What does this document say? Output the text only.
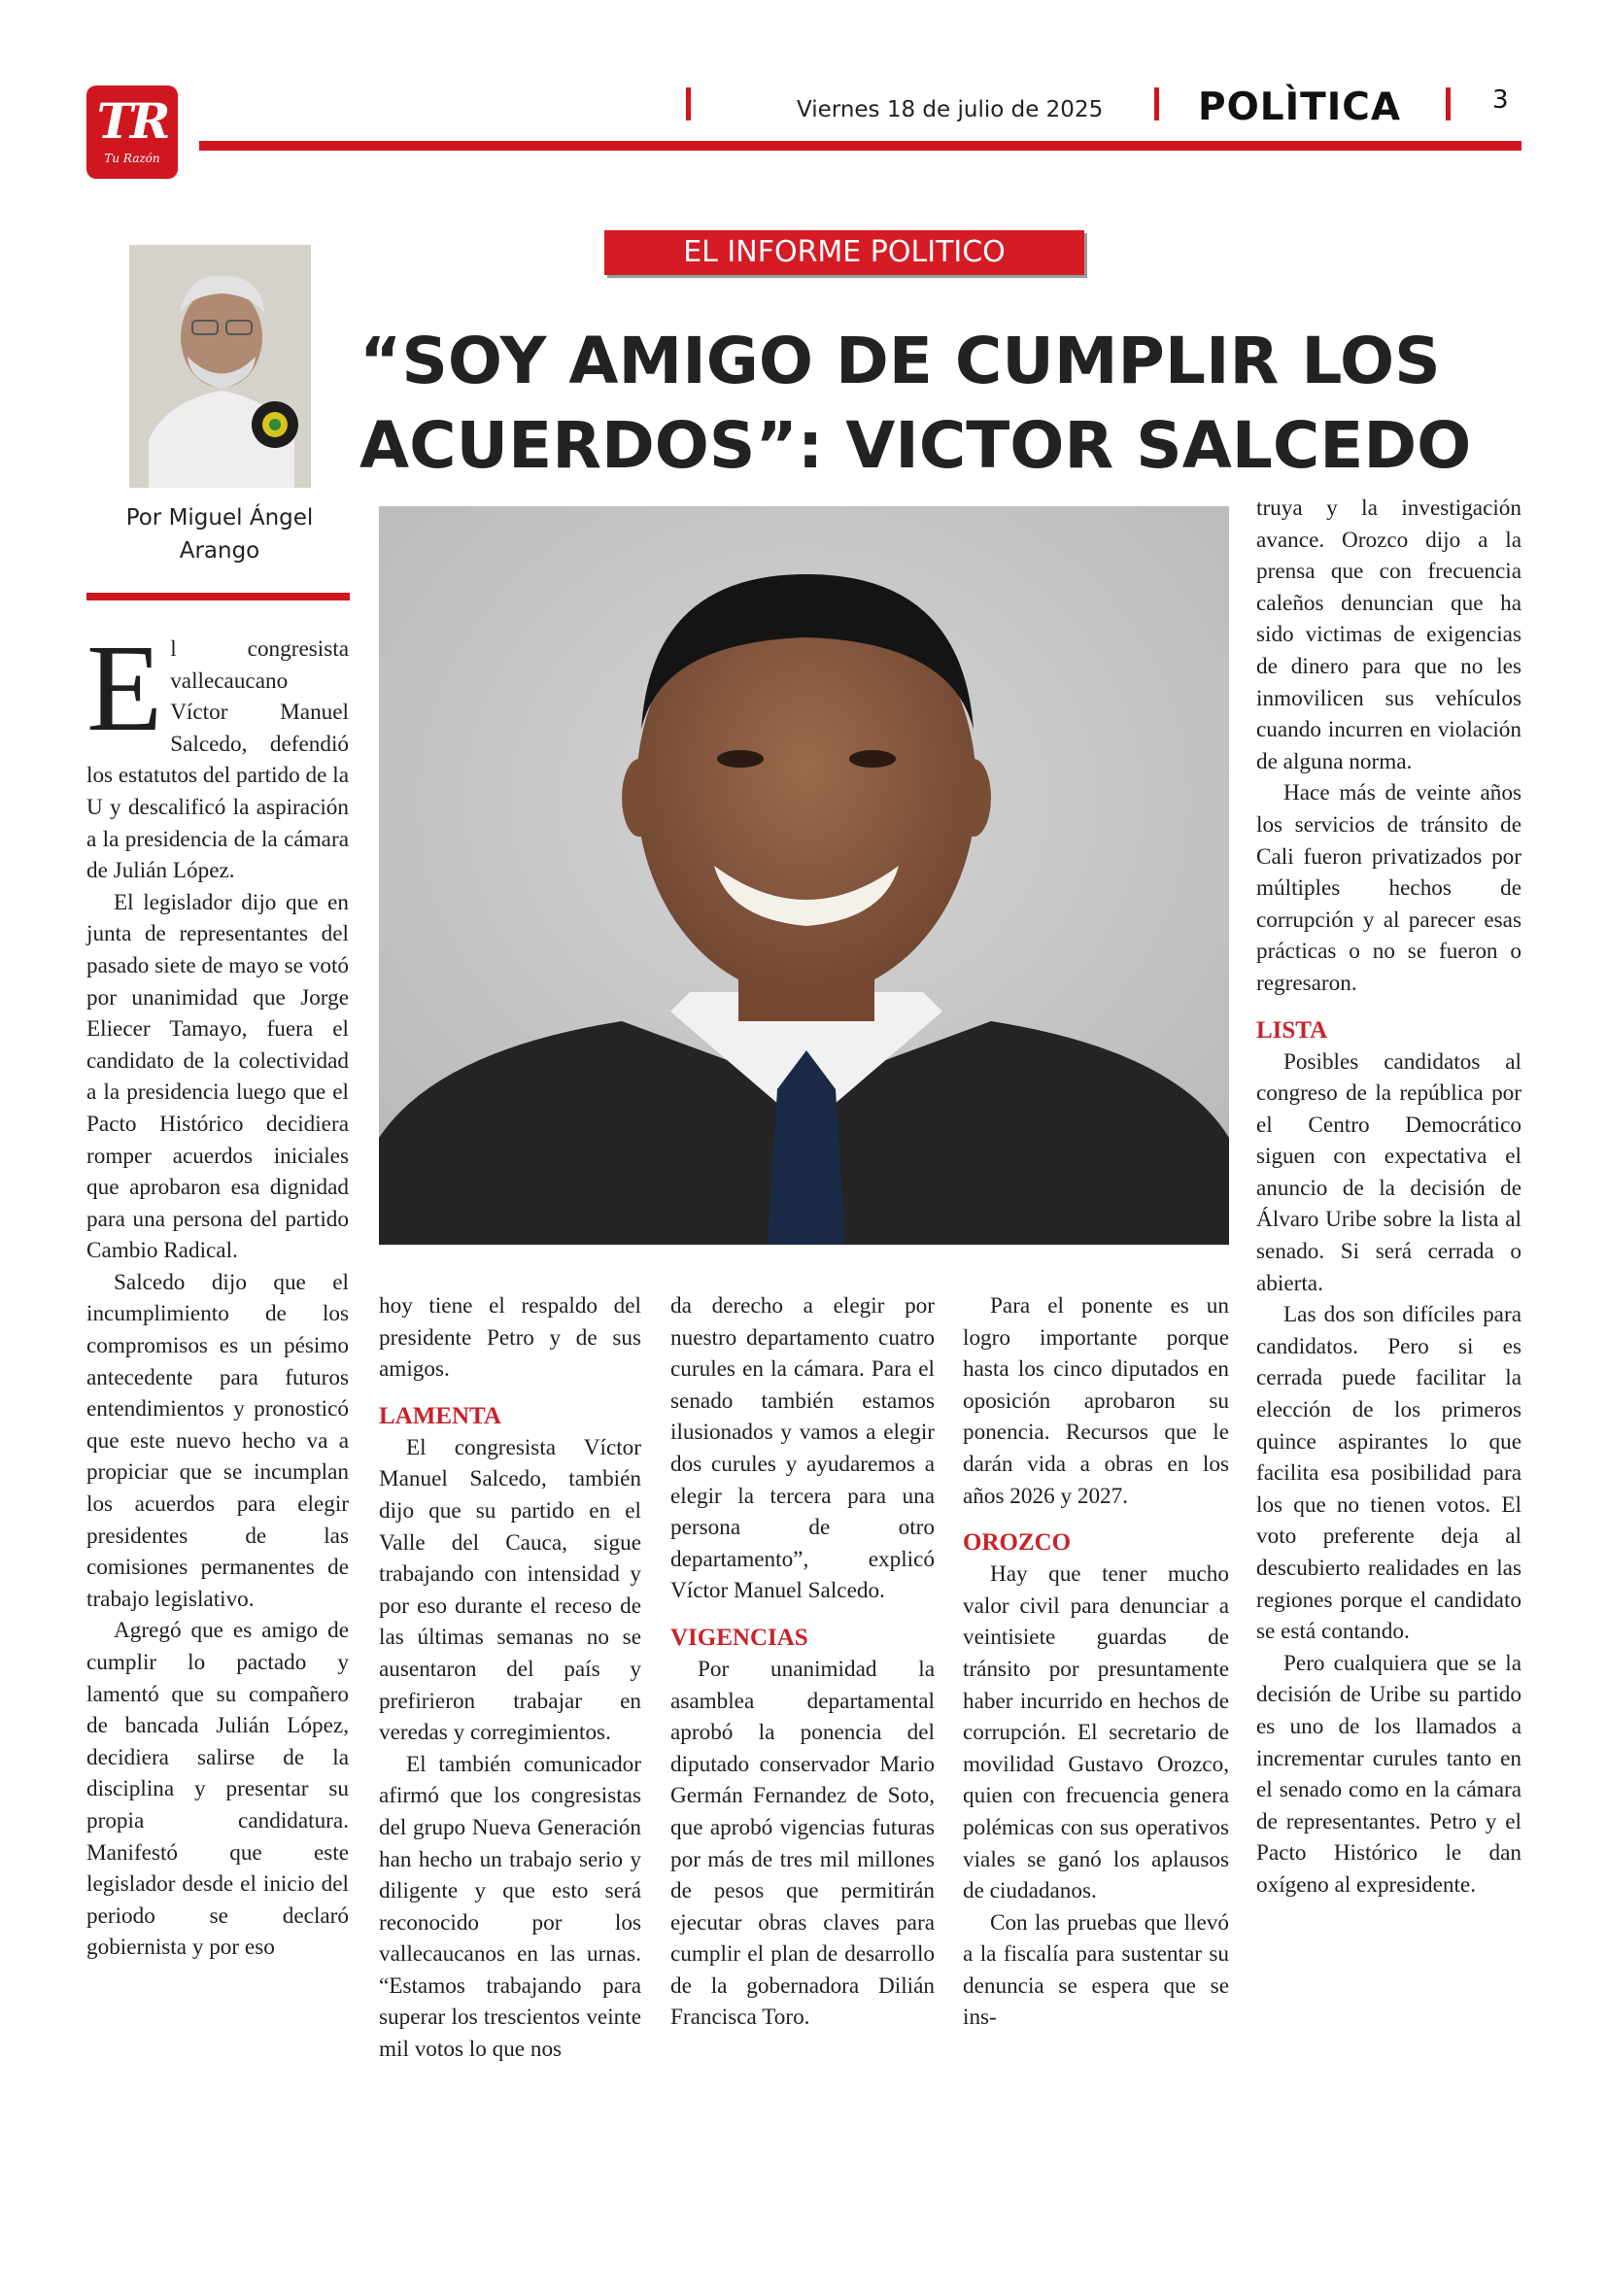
TR
Tu Razón
Viernes 18 de julio de 2025	POLÌTICA	3
EL INFORME POLITICO
“SOY AMIGO DE CUMPLIR LOS ACUERDOS”: VICTOR SALCEDO
Por Miguel Ángel Arango
E l congresista vallecaucano Víctor Manuel Salcedo, defendió los estatutos del partido de la U y descalificó la aspiración a la presidencia de la cámara de Julián López.

El legislador dijo que en junta de representantes del pasado siete de mayo se votó por unanimidad que Jorge Eliecer Tamayo, fuera el candidato de la colectividad a la presidencia luego que el Pacto Histórico decidiera romper acuerdos iniciales que aprobaron esa dignidad para una persona del partido Cambio Radical.

Salcedo dijo que el incumplimiento de los compromisos es un pésimo antecedente para futuros entendimientos y pronosticó que este nuevo hecho va a propiciar que se incumplan los acuerdos para elegir presidentes de las comisiones permanentes de trabajo legislativo.

Agregó que es amigo de cumplir lo pactado y lamentó que su compañero de bancada Julián López, decidiera salirse de la disciplina y presentar su propia candidatura. Manifestó que este legislador desde el inicio del periodo se declaró gobiernista y por eso

hoy tiene el respaldo del presidente Petro y de sus amigos.

LAMENTA

El congresista Víctor Manuel Salcedo, también dijo que su partido en el Valle del Cauca, sigue trabajando con intensidad y por eso durante el receso de las últimas semanas no se ausentaron del país y prefirieron trabajar en veredas y corregimientos.

El también comunicador afirmó que los congresistas del grupo Nueva Generación han hecho un trabajo serio y diligente y que esto será reconocido por los vallecaucanos en las urnas. “Estamos trabajando para superar los trescientos veinte mil votos lo que nos

da derecho a elegir por nuestro departamento cuatro curules en la cámara. Para el senado también estamos ilusionados y vamos a elegir dos curules y ayudaremos a elegir la tercera para una persona de otro departamento”, explicó Víctor Manuel Salcedo.

VIGENCIAS

Por unanimidad la asamblea departamental aprobó la ponencia del diputado conservador Mario Germán Fernandez de Soto, que aprobó vigencias futuras por más de tres mil millones de pesos que permitirán ejecutar obras claves para cumplir el plan de desarrollo de la gobernadora Dilián Francisca Toro.

Para el ponente es un logro importante porque hasta los cinco diputados en oposición aprobaron su ponencia. Recursos que le darán vida a obras en los años 2026 y 2027.

OROZCO

Hay que tener mucho valor civil para denunciar a veintisiete guardas de tránsito por presuntamente haber incurrido en hechos de corrupción. El secretario de movilidad Gustavo Orozco, quien con frecuencia genera polémicas con sus operativos viales se ganó los aplausos de ciudadanos.

Con las pruebas que llevó a la fiscalía para sustentar su denuncia se espera que se ins-

truya y la investigación avance. Orozco dijo a la prensa que con frecuencia caleños denuncian que ha sido victimas de exigencias de dinero para que no les inmovilicen sus vehículos cuando incurren en violación de alguna norma.

Hace más de veinte años los servicios de tránsito de Cali fueron privatizados por múltiples hechos de corrupción y al parecer esas prácticas o no se fueron o regresaron.

LISTA

Posibles candidatos al congreso de la república por el Centro Democrático siguen con expectativa el anuncio de la decisión de Álvaro Uribe sobre la lista al senado. Si será cerrada o abierta.

Las dos son difíciles para candidatos. Pero si es cerrada puede facilitar la elección de los primeros quince aspirantes lo que facilita esa posibilidad para los que no tienen votos. El voto preferente deja al descubierto realidades en las regiones porque el candidato se está contando.

Pero cualquiera que se la decisión de Uribe su partido es uno de los llamados a incrementar curules tanto en el senado como en la cámara de representantes. Petro y el Pacto Histórico le dan oxígeno al expresidente.
